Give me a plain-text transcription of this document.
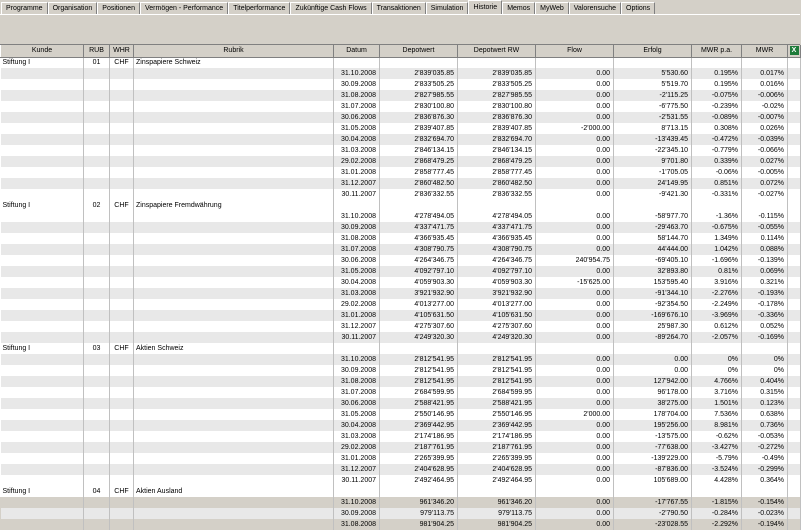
Programme	Organisation	Positionen	Vermögen - Performance	Titelperformance	Zukünftige Cash Flows	Transaktionen	Simulation	Historie	Memos	MyWeb	Valorensuche	Options
Kunde	RUB	WHR	Rubrik	Datum	Depotwert	Depotwert RW	Flow	Erfolg	MWR p.a.	MWR	X
Stiftung I	01	CHF	Zinspapiere Schweiz								
				31.10.2008	2'839'035.85	2'839'035.85	0.00	5'530.60	0.195%	0.017%	
				30.09.2008	2'833'505.25	2'833'505.25	0.00	5'519.70	0.195%	0.016%	
				31.08.2008	2'827'985.55	2'827'985.55	0.00	-2'115.25	-0.075%	-0.006%	
				31.07.2008	2'830'100.80	2'830'100.80	0.00	-6'775.50	-0.239%	-0.02%	
				30.06.2008	2'836'876.30	2'836'876.30	0.00	-2'531.55	-0.089%	-0.007%	
				31.05.2008	2'839'407.85	2'839'407.85	-2'000.00	8'713.15	0.308%	0.026%	
				30.04.2008	2'832'694.70	2'832'694.70	0.00	-13'439.45	-0.472%	-0.039%	
				31.03.2008	2'846'134.15	2'846'134.15	0.00	-22'345.10	-0.779%	-0.066%	
				29.02.2008	2'868'479.25	2'868'479.25	0.00	9'701.80	0.339%	0.027%	
				31.01.2008	2'858'777.45	2'858'777.45	0.00	-1'705.05	-0.06%	-0.005%	
				31.12.2007	2'860'482.50	2'860'482.50	0.00	24'149.95	0.851%	0.072%	
				30.11.2007	2'836'332.55	2'836'332.55	0.00	-9'421.30	-0.331%	-0.027%	
Stiftung I	02	CHF	Zinspapiere Fremdwährung								
				31.10.2008	4'278'494.05	4'278'494.05	0.00	-58'977.70	-1.36%	-0.115%	
				30.09.2008	4'337'471.75	4'337'471.75	0.00	-29'463.70	-0.675%	-0.055%	
				31.08.2008	4'366'935.45	4'366'935.45	0.00	58'144.70	1.349%	0.114%	
				31.07.2008	4'308'790.75	4'308'790.75	0.00	44'444.00	1.042%	0.088%	
				30.06.2008	4'264'346.75	4'264'346.75	240'954.75	-69'405.10	-1.696%	-0.139%	
				31.05.2008	4'092'797.10	4'092'797.10	0.00	32'893.80	0.81%	0.069%	
				30.04.2008	4'059'903.30	4'059'903.30	-15'625.00	153'595.40	3.916%	0.321%	
				31.03.2008	3'921'932.90	3'921'932.90	0.00	-91'344.10	-2.276%	-0.193%	
				29.02.2008	4'013'277.00	4'013'277.00	0.00	-92'354.50	-2.249%	-0.178%	
				31.01.2008	4'105'631.50	4'105'631.50	0.00	-169'676.10	-3.969%	-0.336%	
				31.12.2007	4'275'307.60	4'275'307.60	0.00	25'987.30	0.612%	0.052%	
				30.11.2007	4'249'320.30	4'249'320.30	0.00	-89'264.70	-2.057%	-0.169%	
Stiftung I	03	CHF	Aktien Schweiz								
				31.10.2008	2'812'541.95	2'812'541.95	0.00	0.00	0%	0%	
				30.09.2008	2'812'541.95	2'812'541.95	0.00	0.00	0%	0%	
				31.08.2008	2'812'541.95	2'812'541.95	0.00	127'942.00	4.766%	0.404%	
				31.07.2008	2'684'599.95	2'684'599.95	0.00	96'178.00	3.716%	0.315%	
				30.06.2008	2'588'421.95	2'588'421.95	0.00	38'275.00	1.501%	0.123%	
				31.05.2008	2'550'146.95	2'550'146.95	2'000.00	178'704.00	7.536%	0.638%	
				30.04.2008	2'369'442.95	2'369'442.95	0.00	195'256.00	8.981%	0.736%	
				31.03.2008	2'174'186.95	2'174'186.95	0.00	-13'575.00	-0.62%	-0.053%	
				29.02.2008	2'187'761.95	2'187'761.95	0.00	-77'638.00	-3.427%	-0.272%	
				31.01.2008	2'265'399.95	2'265'399.95	0.00	-139'229.00	-5.79%	-0.49%	
				31.12.2007	2'404'628.95	2'404'628.95	0.00	-87'836.00	-3.524%	-0.299%	
				30.11.2007	2'492'464.95	2'492'464.95	0.00	105'689.00	4.428%	0.364%	
Stiftung I	04	CHF	Aktien Ausland								
				31.10.2008	961'346.20	961'346.20	0.00	-17'767.55	-1.815%	-0.154%	
				30.09.2008	979'113.75	979'113.75	0.00	-2'790.50	-0.284%	-0.023%	
				31.08.2008	981'904.25	981'904.25	0.00	-23'028.55	-2.292%	-0.194%	
